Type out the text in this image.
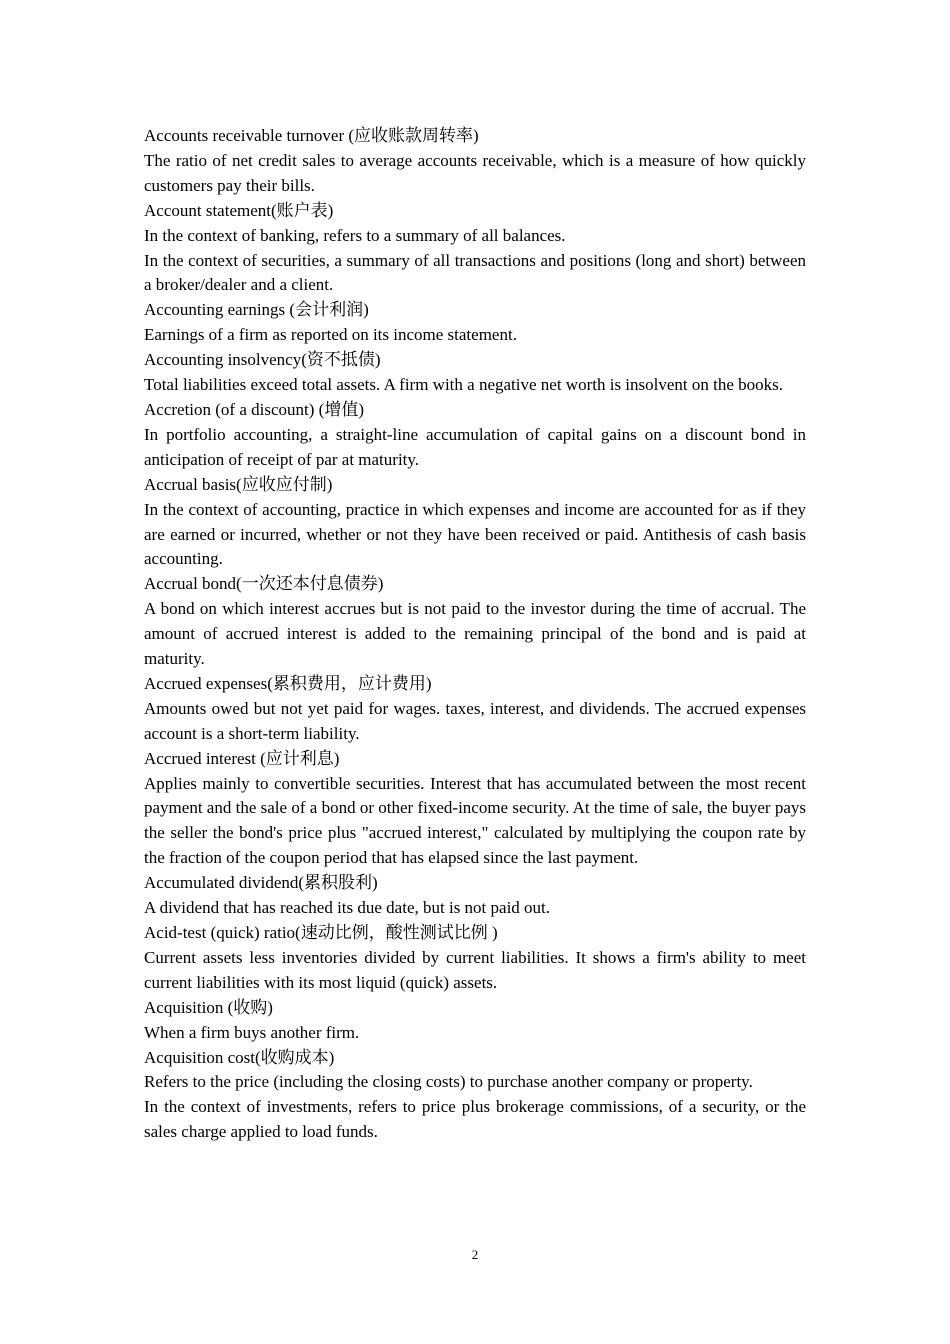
Accounts receivable turnover (应收账款周转率)

The ratio of net credit sales to average accounts receivable, which is a measure of how quickly customers pay their bills.

Account statement(账户表)

In the context of banking, refers to a summary of all balances.

In the context of securities, a summary of all transactions and positions (long and short) between a broker/dealer and a client.

Accounting earnings (会计利润)

Earnings of a firm as reported on its income statement.

Accounting insolvency(资不抵债)

Total liabilities exceed total assets. A firm with a negative net worth is insolvent on the books.

Accretion (of a discount) (增值)

In portfolio accounting, a straight-line accumulation of capital gains on a discount bond in anticipation of receipt of par at maturity.

Accrual basis(应收应付制)

In the context of accounting, practice in which expenses and income are accounted for as if they are earned or incurred, whether or not they have been received or paid. Antithesis of cash basis accounting.

Accrual bond(一次还本付息债券)

A bond on which interest accrues but is not paid to the investor during the time of accrual. The amount of accrued interest is added to the remaining principal of the bond and is paid at maturity.

Accrued expenses(累积费用，应计费用)

Amounts owed but not yet paid for wages. taxes, interest, and dividends. The accrued expenses account is a short-term liability.

Accrued interest (应计利息)

Applies mainly to convertible securities. Interest that has accumulated between the most recent payment and the sale of a bond or other fixed-income security. At the time of sale, the buyer pays the seller the bond's price plus "accrued interest," calculated by multiplying the coupon rate by the fraction of the coupon period that has elapsed since the last payment.

Accumulated dividend(累积股利)

A dividend that has reached its due date, but is not paid out.

Acid-test (quick) ratio(速动比例，酸性测试比例 )

Current assets less inventories divided by current liabilities. It shows a firm's ability to meet current liabilities with its most liquid (quick) assets.

Acquisition (收购)

When a firm buys another firm.

Acquisition cost(收购成本)

Refers to the price (including the closing costs) to purchase another company or property.

In the context of investments, refers to price plus brokerage commissions, of a security, or the sales charge applied to load funds.

2
